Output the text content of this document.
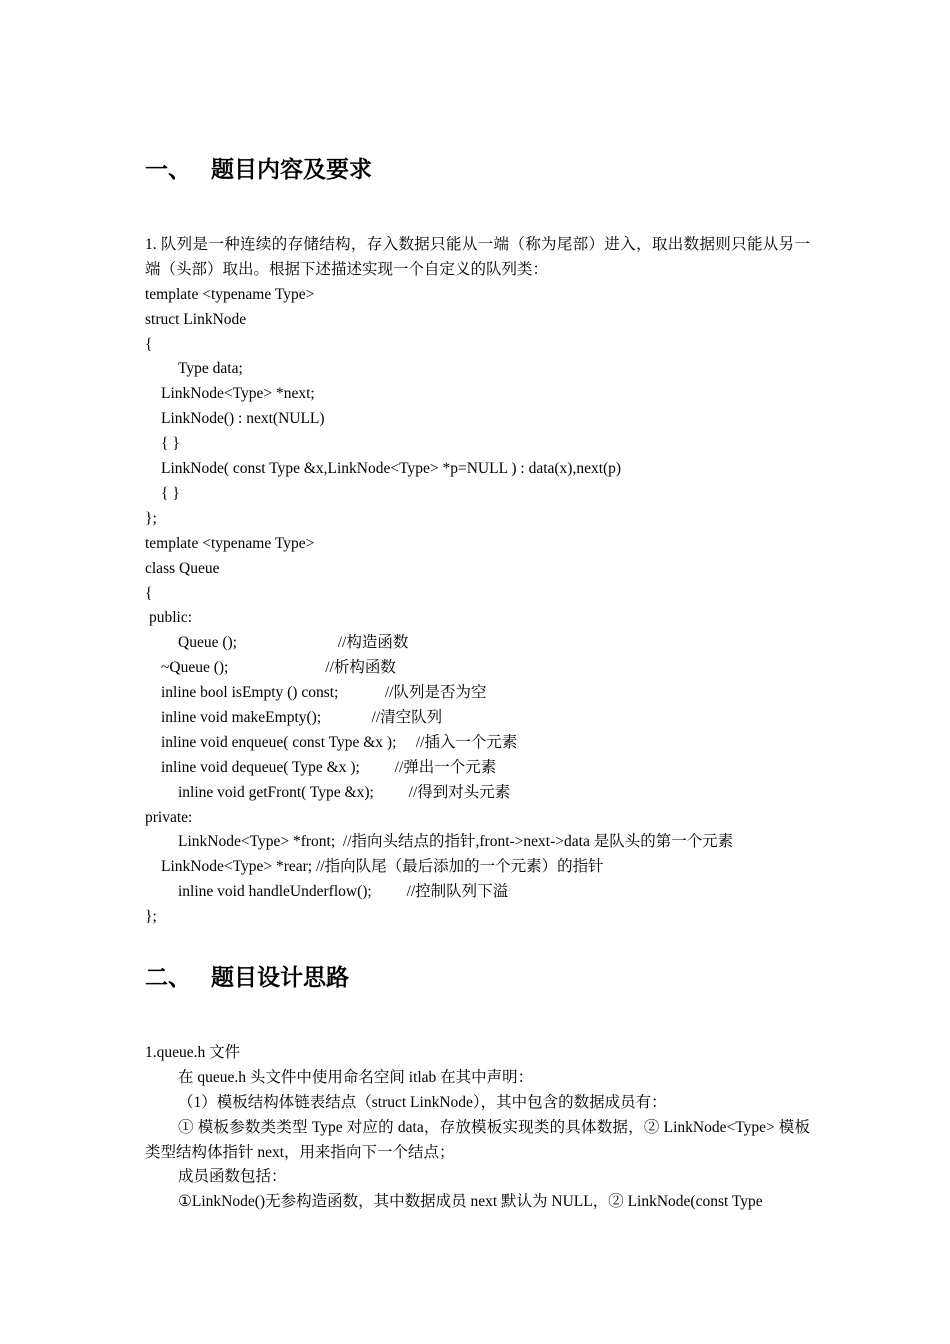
一、 题目内容及要求
1. 队列是一种连续的存储结构，存入数据只能从一端（称为尾部）进入，取出数据则只能从另一端（头部）取出。根据下述描述实现一个自定义的队列类：
template <typename Type>
struct LinkNode
{
Type data;
LinkNode<Type> *next;
LinkNode() : next(NULL)
{ }
LinkNode( const Type &x,LinkNode<Type> *p=NULL ) : data(x),next(p)
{ }
};
template <typename Type>
class Queue
{
public:
Queue ();                          //构造函数
~Queue ();                         //析构函数
inline bool isEmpty () const;            //队列是否为空
inline void makeEmpty();             //清空队列
inline void enqueue( const Type &x );     //插入一个元素
inline void dequeue( Type &x );         //弹出一个元素
inline void getFront( Type &x);         //得到对头元素
private:
LinkNode<Type> *front;  //指向头结点的指针,front->next->data 是队头的第一个元素
LinkNode<Type> *rear; //指向队尾（最后添加的一个元素）的指针
inline void handleUnderflow();         //控制队列下溢
};
二、 题目设计思路
1.queue.h 文件
在 queue.h 头文件中使用命名空间 itlab 在其中声明：
（1）模板结构体链表结点（struct LinkNode），其中包含的数据成员有：
① 模板参数类类型 Type 对应的 data，存放模板实现类的具体数据，② LinkNode<Type> 模板类型结构体指针 next，用来指向下一个结点；
成员函数包括：
①LinkNode()无参构造函数，其中数据成员 next 默认为 NULL，② LinkNode(const Type
